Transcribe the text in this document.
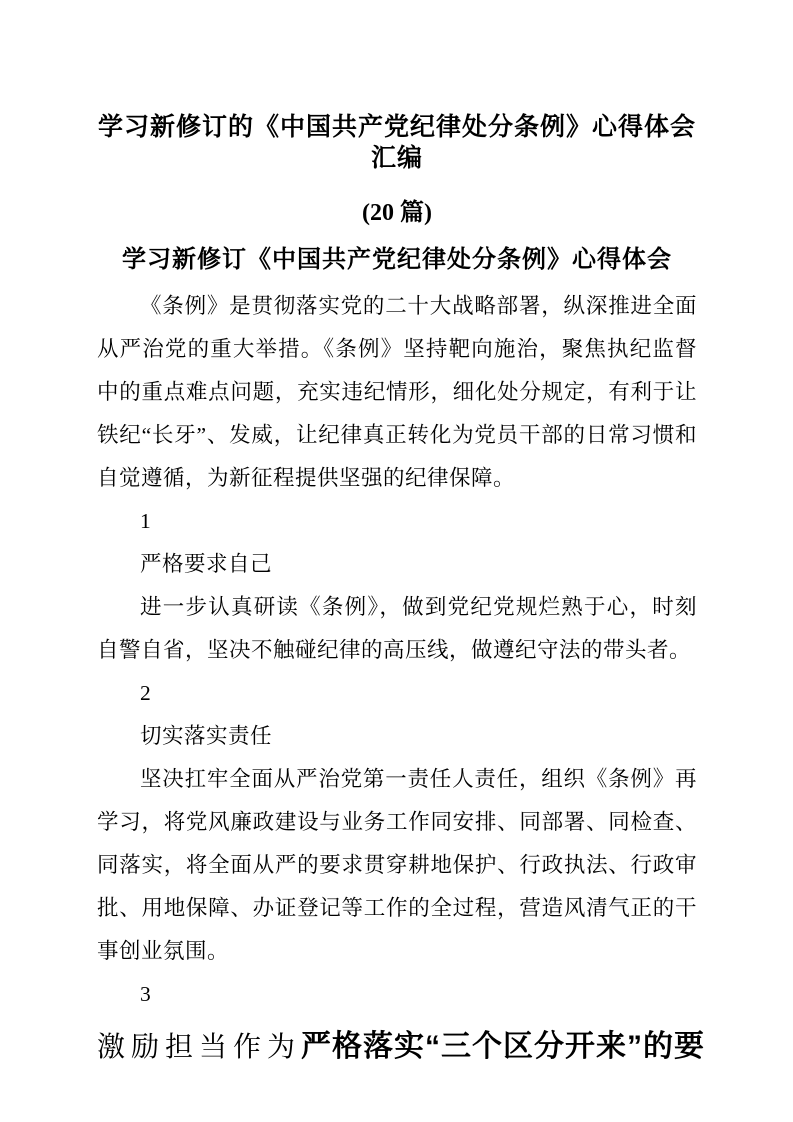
学习新修订的《中国共产党纪律处分条例》心得体会汇编
(20 篇)
学习新修订《中国共产党纪律处分条例》心得体会

《条例》是贯彻落实党的二十大战略部署，纵深推进全面从严治党的重大举措。《条例》坚持靶向施治，聚焦执纪监督中的重点难点问题，充实违纪情形，细化处分规定，有利于让铁纪“长牙”、发威，让纪律真正转化为党员干部的日常习惯和自觉遵循，为新征程提供坚强的纪律保障。

1

严格要求自己

进一步认真研读《条例》，做到党纪党规烂熟于心，时刻自警自省，坚决不触碰纪律的高压线，做遵纪守法的带头者。

2

切实落实责任

坚决扛牢全面从严治党第一责任人责任，组织《条例》再学习，将党风廉政建设与业务工作同安排、同部署、同检查、同落实，将全面从严的要求贯穿耕地保护、行政执法、行政审批、用地保障、办证登记等工作的全过程，营造风清气正的干事创业氛围。

3

激励担当作为严格落实“三个区分开来”的要
